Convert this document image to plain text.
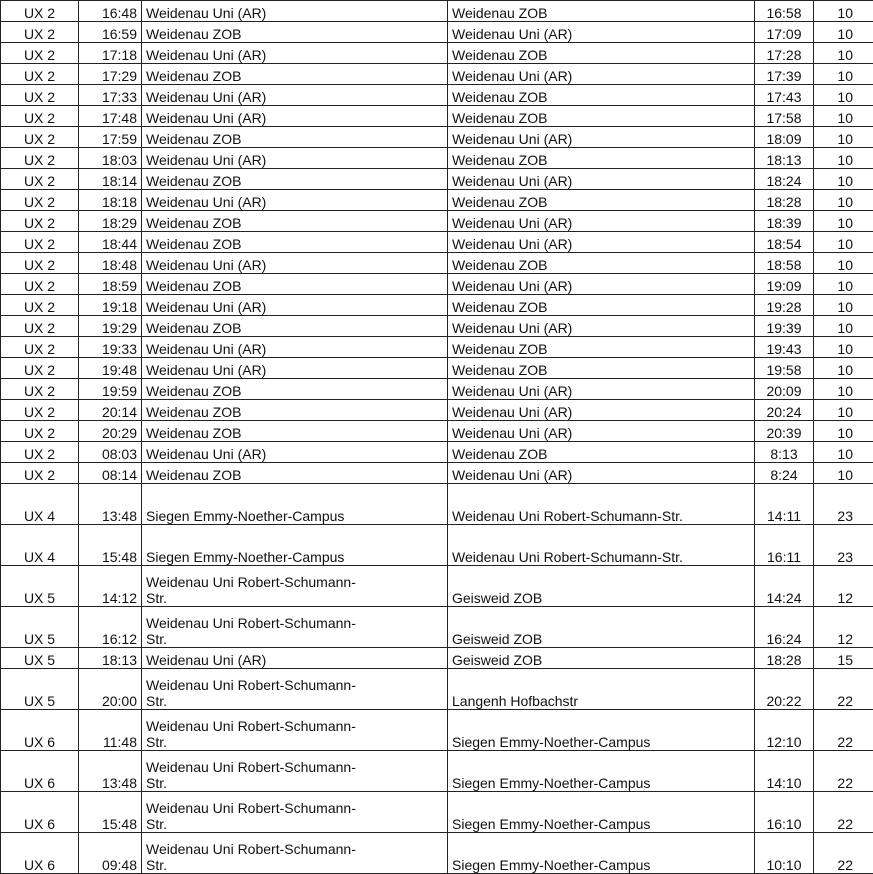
UX 2	16:48	Weidenau Uni (AR)		Weidenau ZOB	16:58	10
UX 2	16:59	Weidenau ZOB		Weidenau Uni (AR)	17:09	10
UX 2	17:18	Weidenau Uni (AR)		Weidenau ZOB	17:28	10
UX 2	17:29	Weidenau ZOB		Weidenau Uni (AR)	17:39	10
UX 2	17:33	Weidenau Uni (AR)		Weidenau ZOB	17:43	10
UX 2	17:48	Weidenau Uni (AR)		Weidenau ZOB	17:58	10
UX 2	17:59	Weidenau ZOB		Weidenau Uni (AR)	18:09	10
UX 2	18:03	Weidenau Uni (AR)		Weidenau ZOB	18:13	10
UX 2	18:14	Weidenau ZOB		Weidenau Uni (AR)	18:24	10
UX 2	18:18	Weidenau Uni (AR)		Weidenau ZOB	18:28	10
UX 2	18:29	Weidenau ZOB		Weidenau Uni (AR)	18:39	10
UX 2	18:44	Weidenau ZOB		Weidenau Uni (AR)	18:54	10
UX 2	18:48	Weidenau Uni (AR)		Weidenau ZOB	18:58	10
UX 2	18:59	Weidenau ZOB		Weidenau Uni (AR)	19:09	10
UX 2	19:18	Weidenau Uni (AR)		Weidenau ZOB	19:28	10
UX 2	19:29	Weidenau ZOB		Weidenau Uni (AR)	19:39	10
UX 2	19:33	Weidenau Uni (AR)		Weidenau ZOB	19:43	10
UX 2	19:48	Weidenau Uni (AR)		Weidenau ZOB	19:58	10
UX 2	19:59	Weidenau ZOB		Weidenau Uni (AR)	20:09	10
UX 2	20:14	Weidenau ZOB		Weidenau Uni (AR)	20:24	10
UX 2	20:29	Weidenau ZOB		Weidenau Uni (AR)	20:39	10
UX 2	08:03	Weidenau Uni (AR)		Weidenau ZOB	8:13	10
UX 2	08:14	Weidenau ZOB		Weidenau Uni (AR)	8:24	10
UX 4	13:48	Siegen Emmy-Noether-Campus		Weidenau Uni Robert-Schumann-Str.	14:11	23
UX 4	15:48	Siegen Emmy-Noether-Campus		Weidenau Uni Robert-Schumann-Str.	16:11	23
UX 5	14:12	Weidenau Uni Robert-Schumann-Str.		Geisweid ZOB	14:24	12
UX 5	16:12	Weidenau Uni Robert-Schumann-Str.		Geisweid ZOB	16:24	12
UX 5	18:13	Weidenau Uni (AR)		Geisweid ZOB	18:28	15
UX 5	20:00	Weidenau Uni Robert-Schumann-Str.		Langenh Hofbachstr	20:22	22
UX 6	11:48	Weidenau Uni Robert-Schumann-Str.		Siegen Emmy-Noether-Campus	12:10	22
UX 6	13:48	Weidenau Uni Robert-Schumann-Str.		Siegen Emmy-Noether-Campus	14:10	22
UX 6	15:48	Weidenau Uni Robert-Schumann-Str.		Siegen Emmy-Noether-Campus	16:10	22
UX 6	09:48	Weidenau Uni Robert-Schumann-Str.		Siegen Emmy-Noether-Campus	10:10	22
